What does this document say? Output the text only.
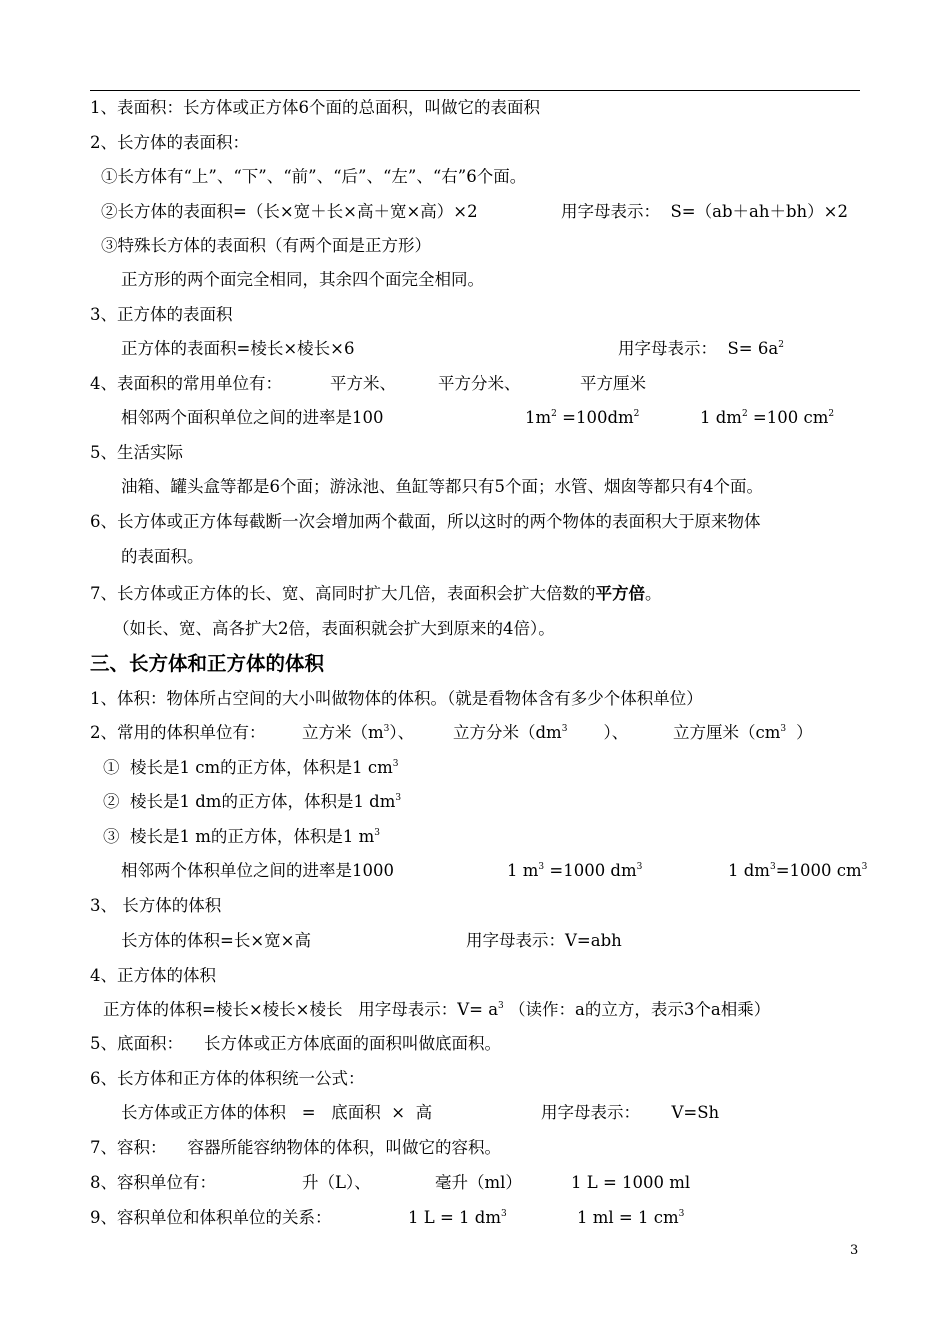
1、表面积：长方体或正方体6个面的总面积，叫做它的表面积
2、长方体的表面积：
①长方体有“上”、“下”、“前”、“后”、“左”、“右”6个面。
②长方体的表面积=（长×宽＋长×高＋宽×高）×2	用字母表示：  S=（ab＋ah＋bh）×2
③特殊长方体的表面积（有两个面是正方形）
正方形的两个面完全相同，其余四个面完全相同。
3、正方体的表面积
正方体的表面积=棱长×棱长×6	用字母表示：  $S= 6a^2$
4、表面积的常用单位有：	平方米、	平方分米、	平方厘米
相邻两个面积单位之间的进率是100	$1m^2 =100dm^2$	1 $dm^2 =100$ $cm^2$
5、生活实际
油箱、罐头盒等都是6个面；游泳池、鱼缸等都只有5个面；水管、烟囱等都只有4个面。
6、长方体或正方体每截断一次会增加两个截面，所以这时的两个物体的表面积大于原来物体
的表面积。
7、长方体或正方体的长、宽、高同时扩大几倍，表面积会扩大倍数的平方倍。
（如长、宽、高各扩大2倍，表面积就会扩大到原来的4倍）。
三、长方体和正方体的体积
1、体积：物体所占空间的大小叫做物体的体积。（就是看物体含有多少个体积单位）
2、常用的体积单位有： 立方米$(m^3)$、 立方分米（$dm^3$ ）、	立方厘米（$cm^3$ ）
①  棱长是1 cm的正方体，体积是1 $cm^3$
②  棱长是1 dm的正方体，体积是1 $dm^3$
③  棱长是1 m的正方体，体积是1 $m^3$
相邻两个体积单位之间的进率是1000	1 $m^3 =1000$ $dm^3$	1 $dm^3=1000$ $cm^3$
3、 长方体的体积
长方体的体积=长×宽×高	用字母表示：V=abh
4、正方体的体积
正方体的体积=棱长×棱长×棱长   用字母表示：$V= a^3$ （读作：a的立方，表示3个a相乘）
5、底面积：    长方体或正方体底面的面积叫做底面积。
6、长方体和正方体的体积统一公式：
长方体或正方体的体积   =   底面积  ×  高	用字母表示：      V=Sh
7、容积：    容器所能容纳物体的体积，叫做它的容积。
8、容积单位有：	升（L）、	毫升（ml）	1 L = 1000 ml
9、容积单位和体积单位的关系：	1 L = 1 $dm^3$	1 ml = 1 $cm^3$
3
